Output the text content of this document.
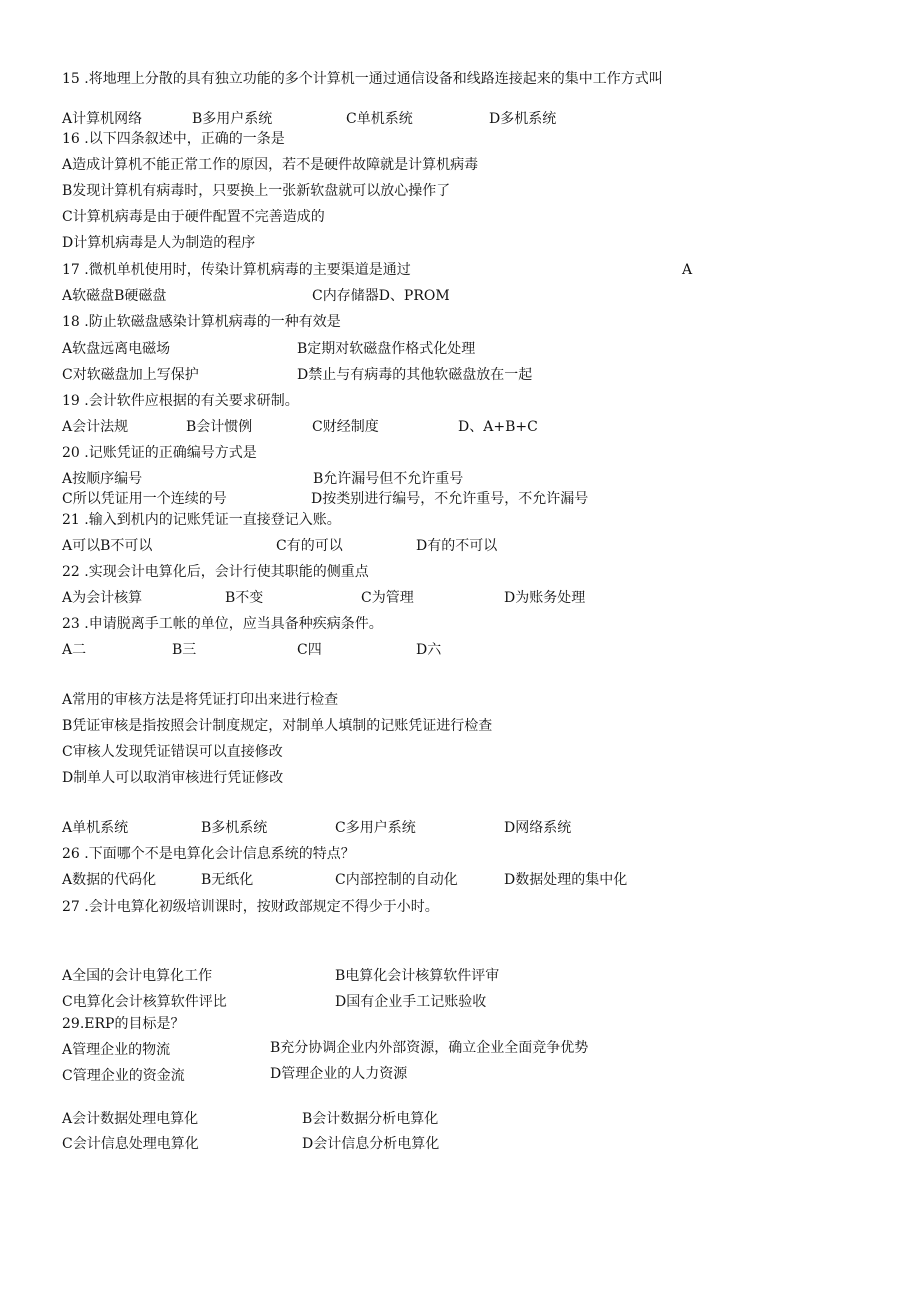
15 .将地理上分散的具有独立功能的多个计算机一通过通信设备和线路连接起来的集中工作方式叫
A计算机网络	B多用户系统	C单机系统	D多机系统
16 .以下四条叙述中，正确的一条是
A造成计算机不能正常工作的原因，若不是硬件故障就是计算机病毒
B发现计算机有病毒时，只要换上一张新软盘就可以放心操作了
C计算机病毒是由于硬件配置不完善造成的
D计算机病毒是人为制造的程序
17 .微机单机使用时，传染计算机病毒的主要渠道是通过	A
A软磁盘B硬磁盘	C内存储器D、PROM
18 .防止软磁盘感染计算机病毒的一种有效是
A软盘远离电磁场	B定期对软磁盘作格式化处理
C对软磁盘加上写保护	D禁止与有病毒的其他软磁盘放在一起
19 .会计软件应根据的有关要求研制。
A会计法规	B会计惯例	C财经制度	D、A+B+C
20 .记账凭证的正确编号方式是
A按顺序编号	B允许漏号但不允许重号
C所以凭证用一个连续的号	D按类别进行编号，不允许重号，不允许漏号
21 .输入到机内的记账凭证一直接登记入账。
A可以B不可以	C有的可以	D有的不可以
22 .实现会计电算化后，会计行使其职能的侧重点
A为会计核算	B不变	C为管理	D为账务处理
23 .申请脱离手工帐的单位，应当具备种疾病条件。
A二	B三	C四	D六
A常用的审核方法是将凭证打印出来进行检查
B凭证审核是指按照会计制度规定，对制单人填制的记账凭证进行检查
C审核人发现凭证错误可以直接修改
D制单人可以取消审核进行凭证修改
A单机系统	B多机系统	C多用户系统	D网络系统
26 .下面哪个不是电算化会计信息系统的特点？
A数据的代码化	B无纸化	C内部控制的自动化	D数据处理的集中化
27 .会计电算化初级培训课时，按财政部规定不得少于小时。
A全国的会计电算化工作	B电算化会计核算软件评审
C电算化会计核算软件评比	D国有企业手工记账验收
29.ERP的目标是？
A管理企业的物流	B充分协调企业内外部资源，确立企业全面竞争优势
C管理企业的资金流	D管理企业的人力资源
A会计数据处理电算化	B会计数据分析电算化
C会计信息处理电算化	D会计信息分析电算化
